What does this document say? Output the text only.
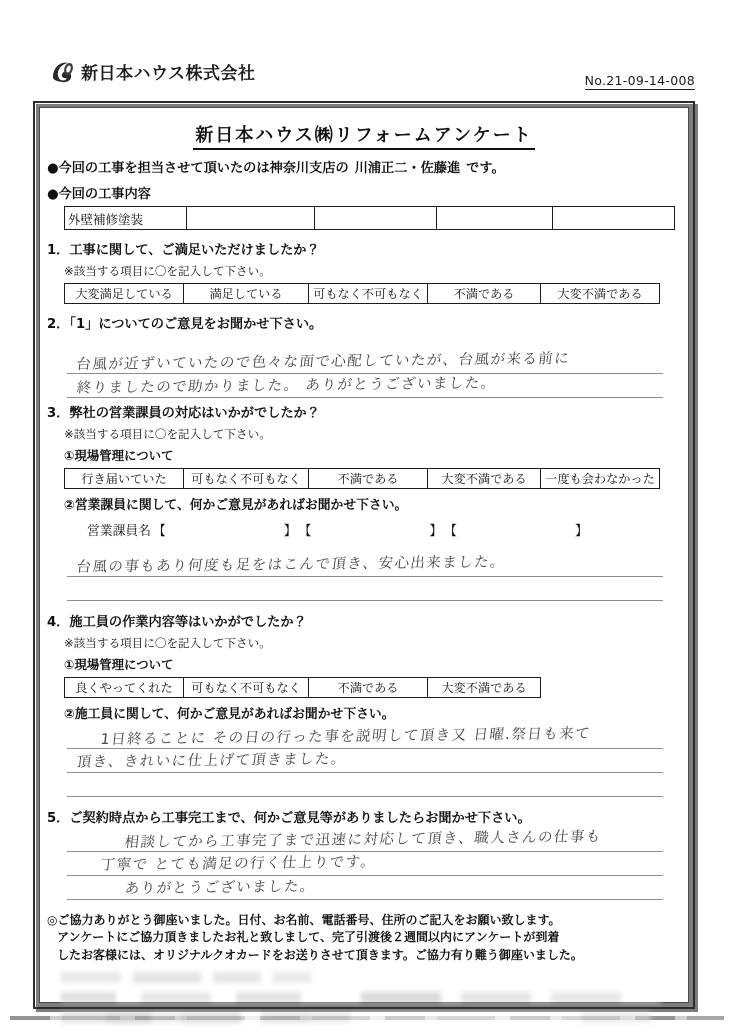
新日本ハウス株式会社	No.21-09-14-008
新日本ハウス㈱リフォームアンケート
●今回の工事を担当させて頂いたのは神奈川支店の 川浦正二・佐藤進 です。
●今回の工事内容
外壁補修塗装				
1．工事に関して、ご満足いただけましたか？
※該当する項目に〇を記入して下さい。
大変満足している	満足している	可もなく不可もなく	不満である	大変不満である
2．「1」についてのご意見をお聞かせ下さい。
台風が近ずいていたので色々な面で心配していたが、台風が来る前に
終りましたので助かりました。 ありがとうございました。
3．弊社の営業課員の対応はいかがでしたか？
※該当する項目に〇を記入して下さい。
①現場管理について
行き届いていた	可もなく不可もなく	不満である	大変不満である	一度も会わなかった
②営業課員に関して、何かご意見があればお聞かせ下さい。
営業課員名 【	】 【	】 【	】
台風の事もあり何度も足をはこんで頂き、安心出来ました。
4．施工員の作業内容等はいかがでしたか？
※該当する項目に〇を記入して下さい。
①現場管理について
良くやってくれた	可もなく不可もなく	不満である	大変不満である
②施工員に関して、何かご意見があればお聞かせ下さい。
1日終ることに その日の行った事を説明して頂き又 日曜.祭日も来て
頂き、きれいに仕上げて頂きました。
5．ご契約時点から工事完工まで、何かご意見等がありましたらお聞かせ下さい。
相談してから工事完了まで迅速に対応して頂き、職人さんの仕事も
丁寧で とても満足の行く仕上りです。
ありがとうございました。
◎ご協力ありがとう御座いました。日付、お名前、電話番号、住所のご記入をお願い致します。
アンケートにご協力頂きましたお礼と致しまして、完了引渡後２週間以内にアンケートが到着
したお客様には、オリジナルクオカードをお送りさせて頂きます。ご協力有り難う御座いました。
